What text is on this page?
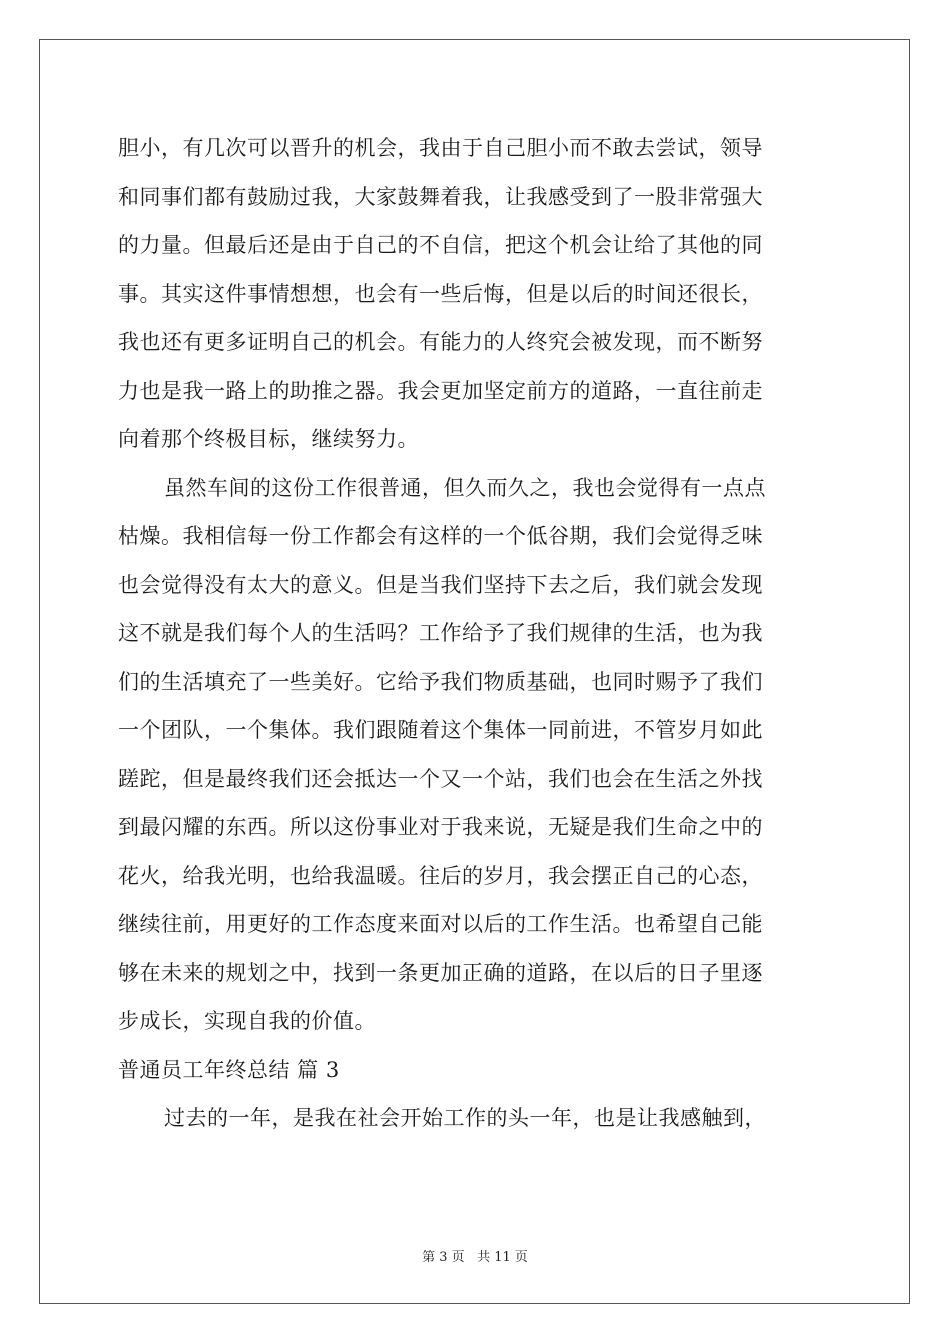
胆小，有几次可以晋升的机会，我由于自己胆小而不敢去尝试，领导
和同事们都有鼓励过我，大家鼓舞着我，让我感受到了一股非常强大
的力量。但最后还是由于自己的不自信，把这个机会让给了其他的同
事。其实这件事情想想，也会有一些后悔，但是以后的时间还很长，
我也还有更多证明自己的机会。有能力的人终究会被发现，而不断努
力也是我一路上的助推之器。我会更加坚定前方的道路，一直往前走
向着那个终极目标，继续努力。
虽然车间的这份工作很普通，但久而久之，我也会觉得有一点点
枯燥。我相信每一份工作都会有这样的一个低谷期，我们会觉得乏味
也会觉得没有太大的意义。但是当我们坚持下去之后，我们就会发现
这不就是我们每个人的生活吗？工作给予了我们规律的生活，也为我
们的生活填充了一些美好。它给予我们物质基础，也同时赐予了我们
一个团队，一个集体。我们跟随着这个集体一同前进，不管岁月如此
蹉跎，但是最终我们还会抵达一个又一个站，我们也会在生活之外找
到最闪耀的东西。所以这份事业对于我来说，无疑是我们生命之中的
花火，给我光明，也给我温暖。往后的岁月，我会摆正自己的心态，
继续往前，用更好的工作态度来面对以后的工作生活。也希望自己能
够在未来的规划之中，找到一条更加正确的道路，在以后的日子里逐
步成长，实现自我的价值。
普通员工年终总结 篇 3
过去的一年，是我在社会开始工作的头一年，也是让我感触到，
第 3 页 共 11 页
